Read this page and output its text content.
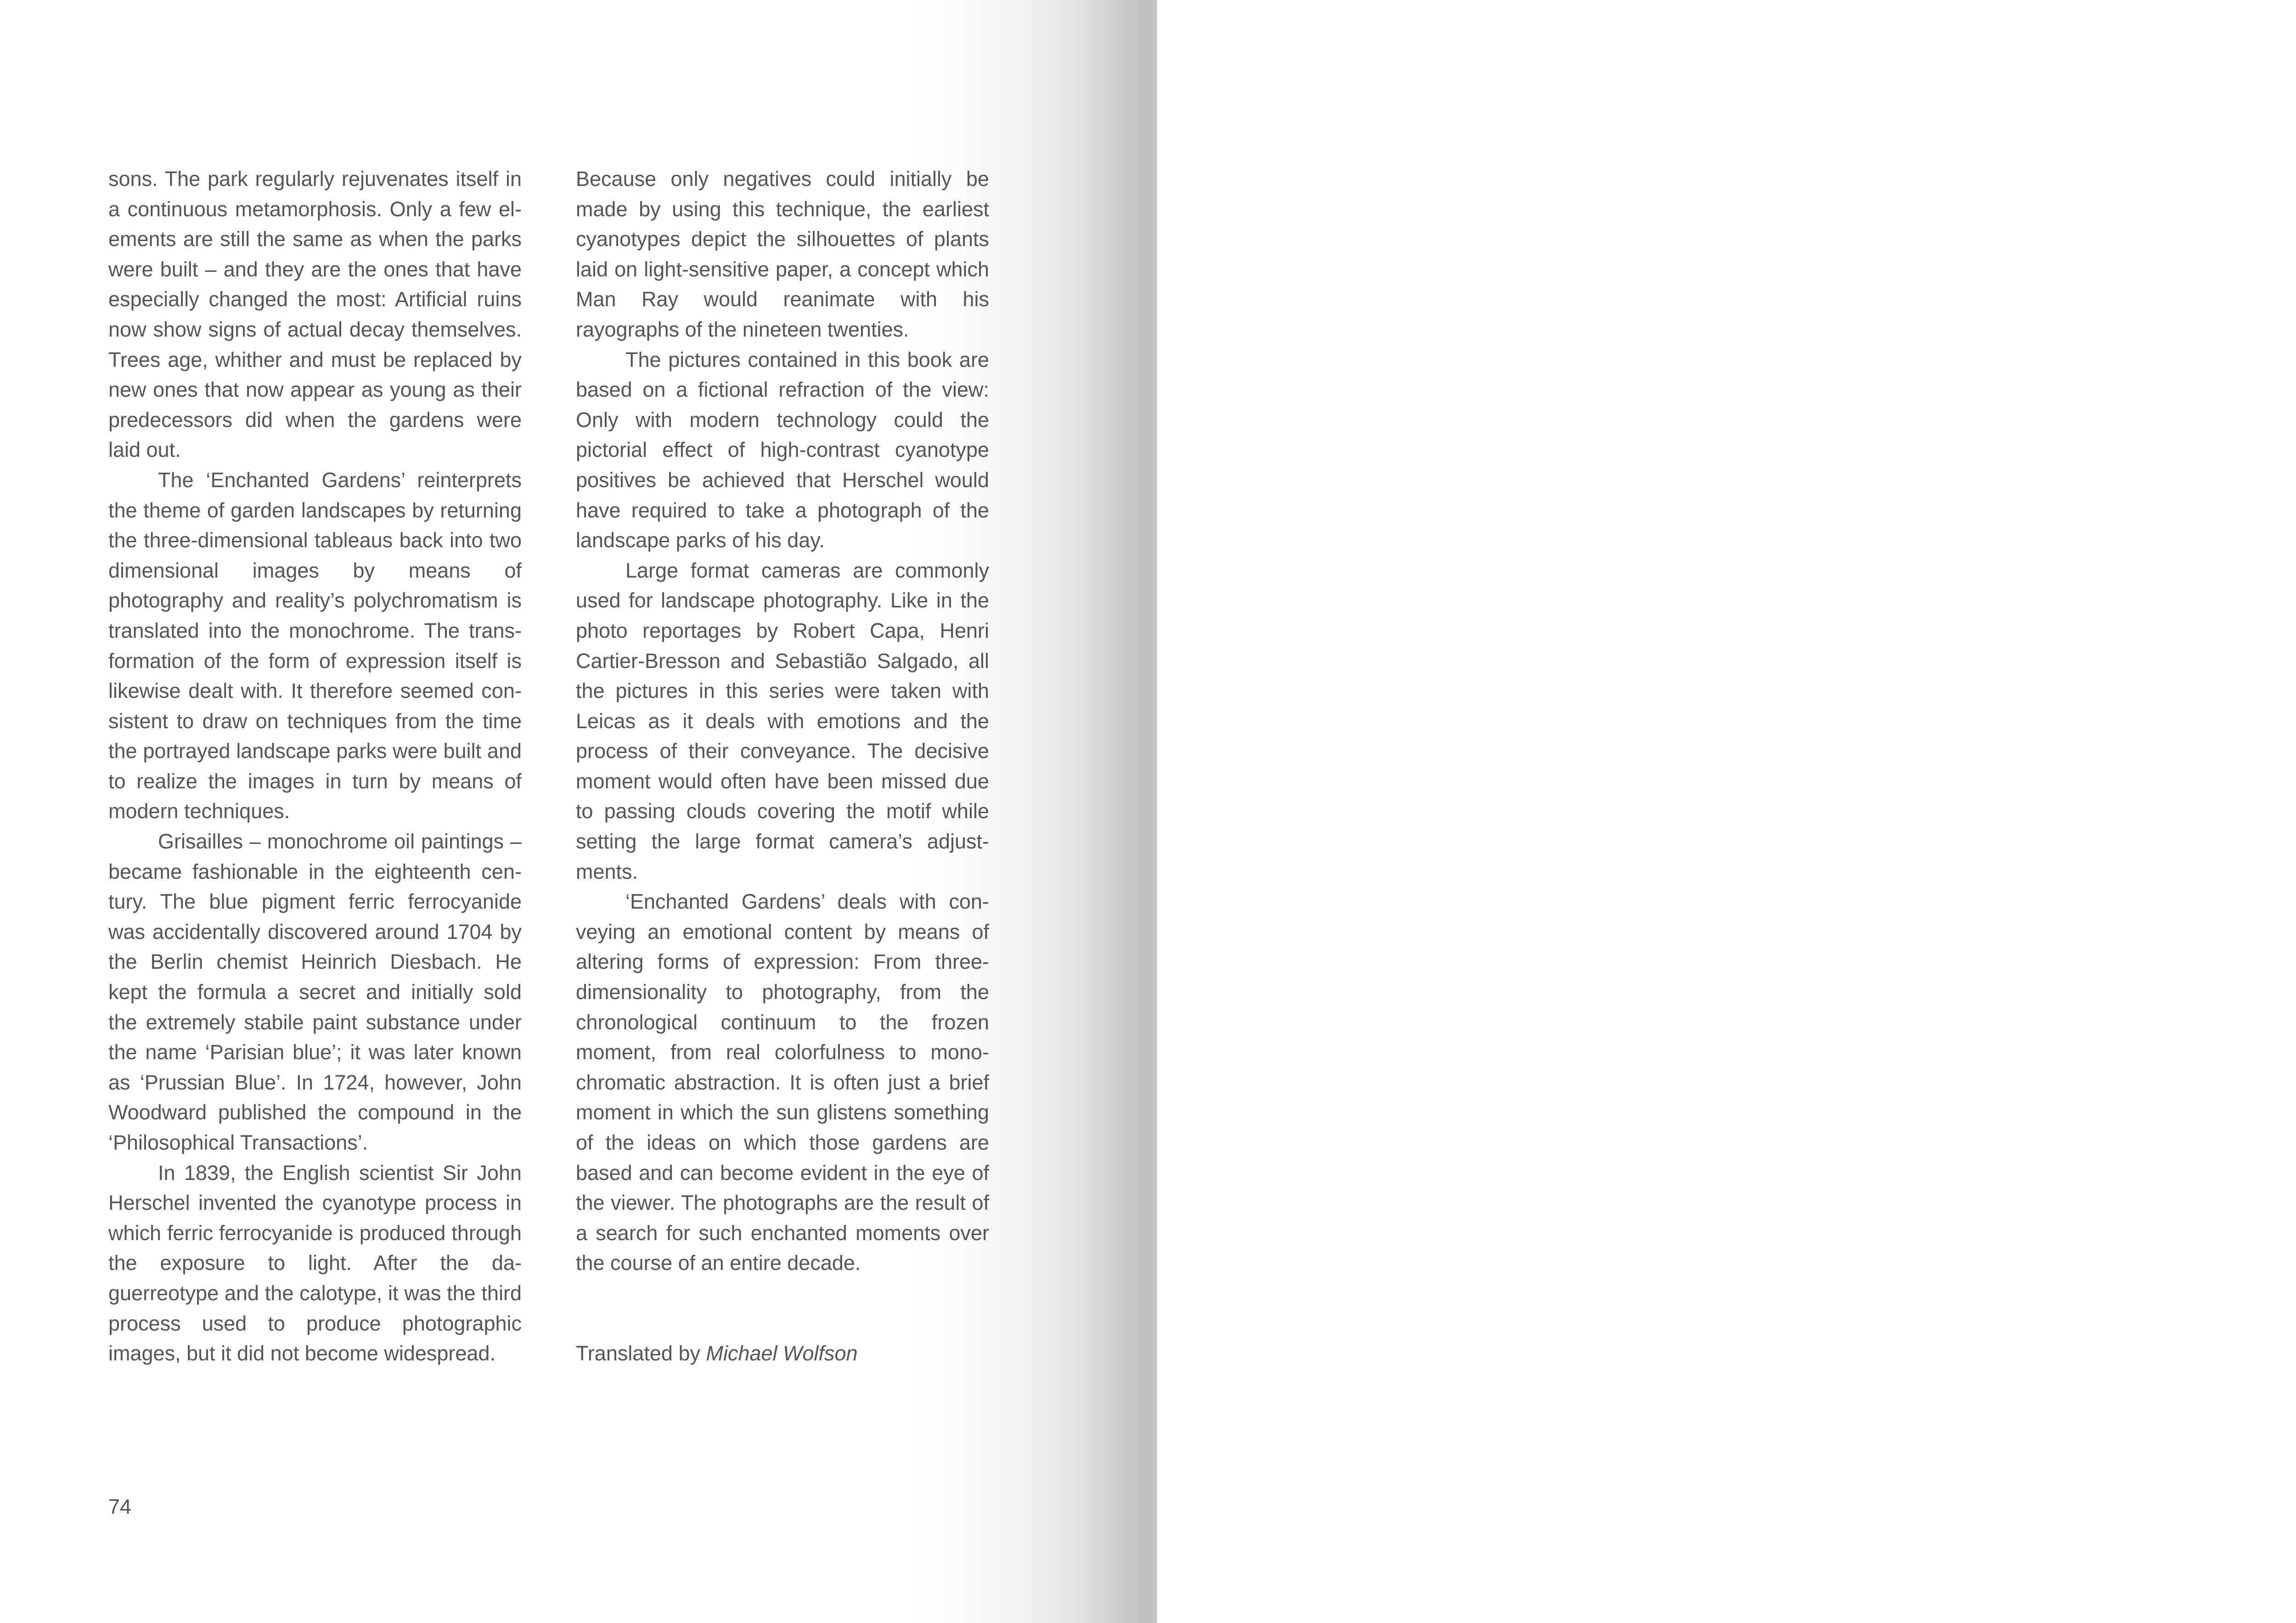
sons. The park regularly rejuvenates itself in a continuous metamorphosis. Only a few elements are still the same as when the parks were built – and they are the ones that have especially changed the most: Artificial ruins now show signs of actual decay themselves. Trees age, whither and must be replaced by new ones that now appear as young as their predecessors did when the gardens were laid out.

The ‘Enchanted Gardens’ reinterprets the theme of garden landscapes by returning the three-dimensional tableaus back into two dimensional images by means of photography and reality’s polychromatism is translated into the monochrome. The transformation of the form of expression itself is likewise dealt with. It therefore seemed consistent to draw on techniques from the time the portrayed landscape parks were built and to realize the images in turn by means of modern techniques.

Grisailles – monochrome oil paintings – became fashionable in the eighteenth century. The blue pigment ferric ferrocyanide was accidentally discovered around 1704 by the Berlin chemist Heinrich Diesbach. He kept the formula a secret and initially sold the extremely stabile paint substance under the name ‘Parisian blue’; it was later known as ‘Prussian Blue’. In 1724, however, John Woodward published the compound in the ‘Philosophical Transactions’.

In 1839, the English scientist Sir John Herschel invented the cyanotype process in which ferric ferrocyanide is produced through the exposure to light. After the daguerreotype and the calotype, it was the third process used to produce photographic images, but it did not become widespread.

Because only negatives could initially be made by using this technique, the earliest cyanotypes depict the silhouettes of plants laid on light-sensitive paper, a concept which Man Ray would reanimate with his rayographs of the nineteen twenties.

The pictures contained in this book are based on a fictional refraction of the view: Only with modern technology could the pictorial effect of high-contrast cyanotype positives be achieved that Herschel would have required to take a photograph of the landscape parks of his day.

Large format cameras are commonly used for landscape photography. Like in the photo reportages by Robert Capa, Henri Cartier-Bresson and Sebastião Salgado, all the pictures in this series were taken with Leicas as it deals with emotions and the process of their conveyance. The decisive moment would often have been missed due to passing clouds covering the motif while setting the large format camera’s adjustments.

‘Enchanted Gardens’ deals with conveying an emotional content by means of altering forms of expression: From three-dimensionality to photography, from the chronological continuum to the frozen moment, from real colorfulness to monochromatic abstraction. It is often just a brief moment in which the sun glistens something of the ideas on which those gardens are based and can become evident in the eye of the viewer. The photographs are the result of a search for such enchanted moments over the course of an entire decade.

Translated by Michael Wolfson

74
